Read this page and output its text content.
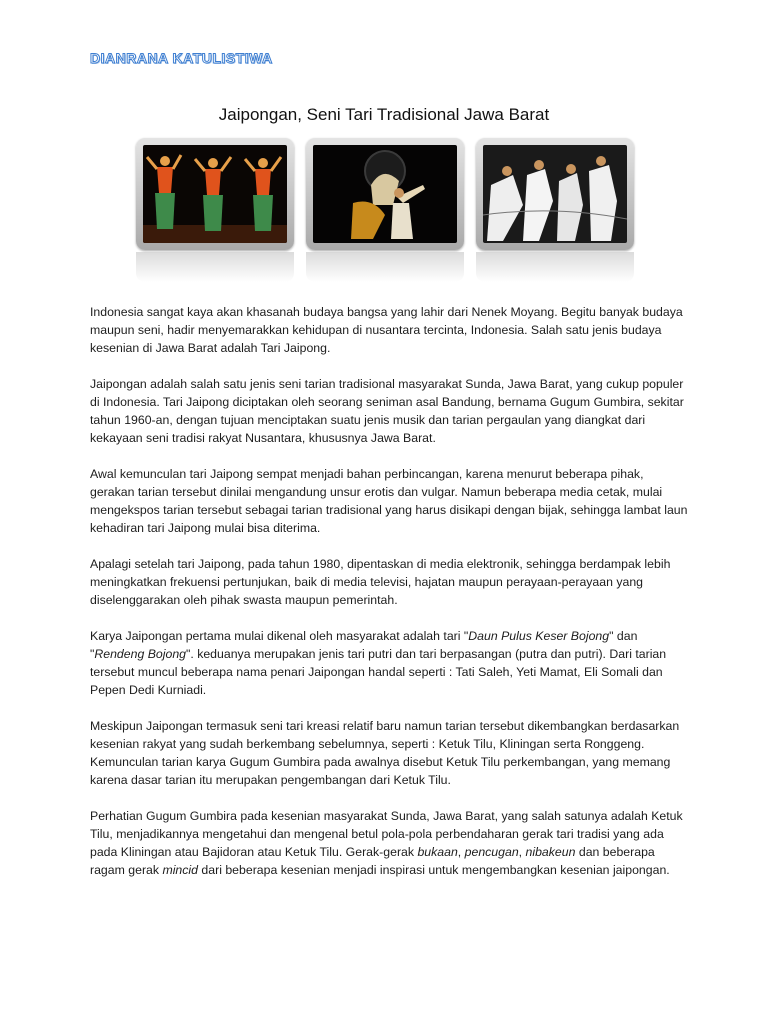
DIANRANA KATULISTIWA
Jaipongan, Seni Tari Tradisional Jawa Barat

Indonesia sangat kaya akan khasanah budaya bangsa yang lahir dari Nenek Moyang. Begitu banyak budaya maupun seni, hadir menyemarakkan kehidupan di nusantara tercinta, Indonesia. Salah satu jenis budaya kesenian di Jawa Barat adalah Tari Jaipong.

Jaipongan adalah salah satu jenis seni tarian tradisional masyarakat Sunda, Jawa Barat, yang cukup populer di Indonesia. Tari Jaipong diciptakan oleh seorang seniman asal Bandung, bernama Gugum Gumbira, sekitar tahun 1960-an, dengan tujuan menciptakan suatu jenis musik dan tarian pergaulan yang diangkat dari kekayaan seni tradisi rakyat Nusantara, khususnya Jawa Barat.

Awal kemunculan tari Jaipong sempat menjadi bahan perbincangan, karena menurut beberapa pihak, gerakan tarian tersebut dinilai mengandung unsur erotis dan vulgar. Namun beberapa media cetak, mulai mengekspos tarian tersebut sebagai tarian tradisional yang harus disikapi dengan bijak, sehingga lambat laun kehadiran tari Jaipong mulai bisa diterima.

Apalagi setelah tari Jaipong, pada tahun 1980, dipentaskan di media elektronik, sehingga berdampak lebih meningkatkan frekuensi pertunjukan, baik di media televisi, hajatan maupun perayaan-perayaan yang diselenggarakan oleh pihak swasta maupun pemerintah.

Karya Jaipongan pertama mulai dikenal oleh masyarakat adalah tari "Daun Pulus Keser Bojong" dan "Rendeng Bojong". keduanya merupakan jenis tari putri dan tari berpasangan (putra dan putri). Dari tarian tersebut muncul beberapa nama penari Jaipongan handal seperti : Tati Saleh, Yeti Mamat, Eli Somali dan Pepen Dedi Kurniadi.

Meskipun Jaipongan termasuk seni tari kreasi relatif baru namun tarian tersebut dikembangkan berdasarkan kesenian rakyat yang sudah berkembang sebelumnya, seperti : Ketuk Tilu, Kliningan serta Ronggeng. Kemunculan tarian karya Gugum Gumbira pada awalnya disebut Ketuk Tilu perkembangan, yang memang karena dasar tarian itu merupakan pengembangan dari Ketuk Tilu.

Perhatian Gugum Gumbira pada kesenian masyarakat Sunda, Jawa Barat, yang salah satunya adalah Ketuk Tilu, menjadikannya mengetahui dan mengenal betul pola-pola perbendaharan gerak tari tradisi yang ada pada Kliningan atau Bajidoran atau Ketuk Tilu. Gerak-gerak bukaan, pencugan, nibakeun dan beberapa ragam gerak mincid dari beberapa kesenian menjadi inspirasi untuk mengembangkan kesenian jaipongan.
